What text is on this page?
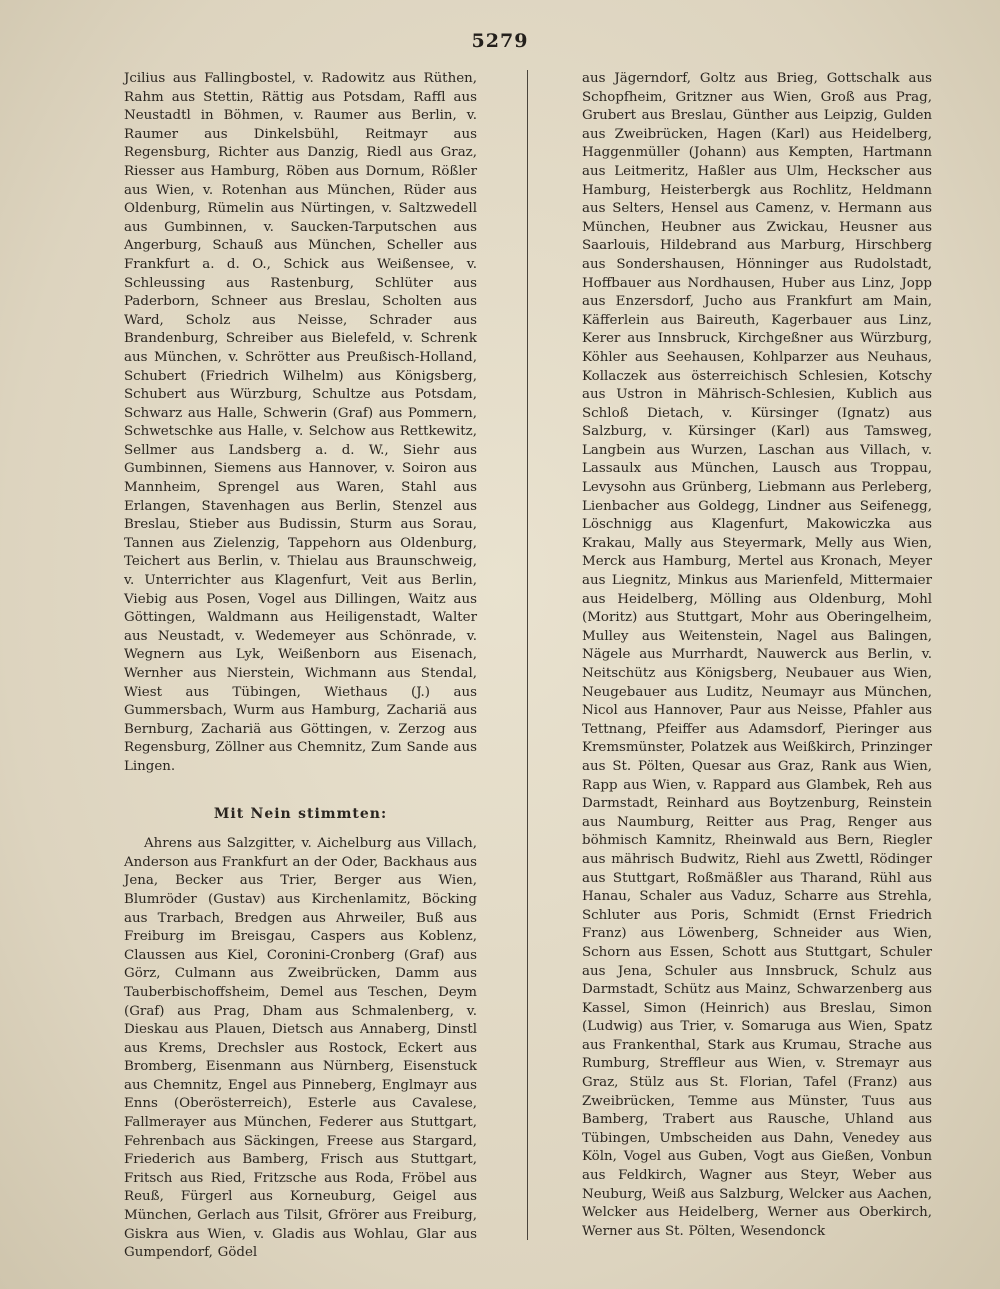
5279

Jcilius aus Fallingbostel, v. Radowitz aus Rüthen, Rahm aus Stettin, Rättig aus Potsdam, Raffl aus Neustadtl in Böhmen, v. Raumer aus Berlin, v. Raumer aus Dinkelsbühl, Reitmayr aus Regensburg, Richter aus Danzig, Riedl aus Graz, Riesser aus Hamburg, Röben aus Dornum, Rößler aus Wien, v. Rotenhan aus München, Rüder aus Oldenburg, Rümelin aus Nürtingen, v. Saltzwedell aus Gumbinnen, v. Saucken-Tarputschen aus Angerburg, Schauß aus München, Scheller aus Frankfurt a. d. O., Schick aus Weißensee, v. Schleussing aus Rastenburg, Schlüter aus Paderborn, Schneer aus Breslau, Scholten aus Ward, Scholz aus Neisse, Schrader aus Brandenburg, Schreiber aus Bielefeld, v. Schrenk aus München, v. Schrötter aus Preußisch-Holland, Schubert (Friedrich Wilhelm) aus Königsberg, Schubert aus Würzburg, Schultze aus Potsdam, Schwarz aus Halle, Schwerin (Graf) aus Pommern, Schwetschke aus Halle, v. Selchow aus Rettkewitz, Sellmer aus Landsberg a. d. W., Siehr aus Gumbinnen, Siemens aus Hannover, v. Soiron aus Mannheim, Sprengel aus Waren, Stahl aus Erlangen, Stavenhagen aus Berlin, Stenzel aus Breslau, Stieber aus Budissin, Sturm aus Sorau, Tannen aus Zielenzig, Tappehorn aus Oldenburg, Teichert aus Berlin, v. Thielau aus Braunschweig, v. Unterrichter aus Klagenfurt, Veit aus Berlin, Viebig aus Posen, Vogel aus Dillingen, Waitz aus Göttingen, Waldmann aus Heiligenstadt, Walter aus Neustadt, v. Wedemeyer aus Schönrade, v. Wegnern aus Lyk, Weißenborn aus Eisenach, Wernher aus Nierstein, Wichmann aus Stendal, Wiest aus Tübingen, Wiethaus (J.) aus Gummersbach, Wurm aus Hamburg, Zachariä aus Bernburg, Zachariä aus Göttingen, v. Zerzog aus Regensburg, Zöllner aus Chemnitz, Zum Sande aus Lingen.

Mit Nein stimmten:

Ahrens aus Salzgitter, v. Aichelburg aus Villach, Anderson aus Frankfurt an der Oder, Backhaus aus Jena, Becker aus Trier, Berger aus Wien, Blumröder (Gustav) aus Kirchenlamitz, Böcking aus Trarbach, Bredgen aus Ahrweiler, Buß aus Freiburg im Breisgau, Caspers aus Koblenz, Claussen aus Kiel, Coronini-Cronberg (Graf) aus Görz, Culmann aus Zweibrücken, Damm aus Tauberbischoffsheim, Demel aus Teschen, Deym (Graf) aus Prag, Dham aus Schmalenberg, v. Dieskau aus Plauen, Dietsch aus Annaberg, Dinstl aus Krems, Drechsler aus Rostock, Eckert aus Bromberg, Eisenmann aus Nürnberg, Eisenstuck aus Chemnitz, Engel aus Pinneberg, Englmayr aus Enns (Oberösterreich), Esterle aus Cavalese, Fallmerayer aus München, Federer aus Stuttgart, Fehrenbach aus Säckingen, Freese aus Stargard, Friederich aus Bamberg, Frisch aus Stuttgart, Fritsch aus Ried, Fritzsche aus Roda, Fröbel aus Reuß, Fürgerl aus Korneuburg, Geigel aus München, Gerlach aus Tilsit, Gfrörer aus Freiburg, Giskra aus Wien, v. Gladis aus Wohlau, Glar aus Gumpendorf, Gödel

aus Jägerndorf, Goltz aus Brieg, Gottschalk aus Schopfheim, Gritzner aus Wien, Groß aus Prag, Grubert aus Breslau, Günther aus Leipzig, Gulden aus Zweibrücken, Hagen (Karl) aus Heidelberg, Haggenmüller (Johann) aus Kempten, Hartmann aus Leitmeritz, Haßler aus Ulm, Heckscher aus Hamburg, Heisterbergk aus Rochlitz, Heldmann aus Selters, Hensel aus Camenz, v. Hermann aus München, Heubner aus Zwickau, Heusner aus Saarlouis, Hildebrand aus Marburg, Hirschberg aus Sondershausen, Hönninger aus Rudolstadt, Hoffbauer aus Nordhausen, Huber aus Linz, Jopp aus Enzersdorf, Jucho aus Frankfurt am Main, Käfferlein aus Baireuth, Kagerbauer aus Linz, Kerer aus Innsbruck, Kirchgeßner aus Würzburg, Köhler aus Seehausen, Kohlparzer aus Neuhaus, Kollaczek aus österreichisch Schlesien, Kotschy aus Ustron in Mährisch-Schlesien, Kublich aus Schloß Dietach, v. Kürsinger (Ignatz) aus Salzburg, v. Kürsinger (Karl) aus Tamsweg, Langbein aus Wurzen, Laschan aus Villach, v. Lassaulx aus München, Lausch aus Troppau, Levysohn aus Grünberg, Liebmann aus Perleberg, Lienbacher aus Goldegg, Lindner aus Seifenegg, Löschnigg aus Klagenfurt, Makowiczka aus Krakau, Mally aus Steyermark, Melly aus Wien, Merck aus Hamburg, Mertel aus Kronach, Meyer aus Liegnitz, Minkus aus Marienfeld, Mittermaier aus Heidelberg, Mölling aus Oldenburg, Mohl (Moritz) aus Stuttgart, Mohr aus Oberingelheim, Mulley aus Weitenstein, Nagel aus Balingen, Nägele aus Murrhardt, Nauwerck aus Berlin, v. Neitschütz aus Königsberg, Neubauer aus Wien, Neugebauer aus Luditz, Neumayr aus München, Nicol aus Hannover, Paur aus Neisse, Pfahler aus Tettnang, Pfeiffer aus Adamsdorf, Pieringer aus Kremsmünster, Polatzek aus Weißkirch, Prinzinger aus St. Pölten, Quesar aus Graz, Rank aus Wien, Rapp aus Wien, v. Rappard aus Glambek, Reh aus Darmstadt, Reinhard aus Boytzenburg, Reinstein aus Naumburg, Reitter aus Prag, Renger aus böhmisch Kamnitz, Rheinwald aus Bern, Riegler aus mährisch Budwitz, Riehl aus Zwettl, Rödinger aus Stuttgart, Roßmäßler aus Tharand, Rühl aus Hanau, Schaler aus Vaduz, Scharre aus Strehla, Schluter aus Poris, Schmidt (Ernst Friedrich Franz) aus Löwenberg, Schneider aus Wien, Schorn aus Essen, Schott aus Stuttgart, Schuler aus Jena, Schuler aus Innsbruck, Schulz aus Darmstadt, Schütz aus Mainz, Schwarzenberg aus Kassel, Simon (Heinrich) aus Breslau, Simon (Ludwig) aus Trier, v. Somaruga aus Wien, Spatz aus Frankenthal, Stark aus Krumau, Strache aus Rumburg, Streffleur aus Wien, v. Stremayr aus Graz, Stülz aus St. Florian, Tafel (Franz) aus Zweibrücken, Temme aus Münster, Tuus aus Bamberg, Trabert aus Rausche, Uhland aus Tübingen, Umbscheiden aus Dahn, Venedey aus Köln, Vogel aus Guben, Vogt aus Gießen, Vonbun aus Feldkirch, Wagner aus Steyr, Weber aus Neuburg, Weiß aus Salzburg, Welcker aus Aachen, Welcker aus Heidelberg, Werner aus Oberkirch, Werner aus St. Pölten, Wesendonck
